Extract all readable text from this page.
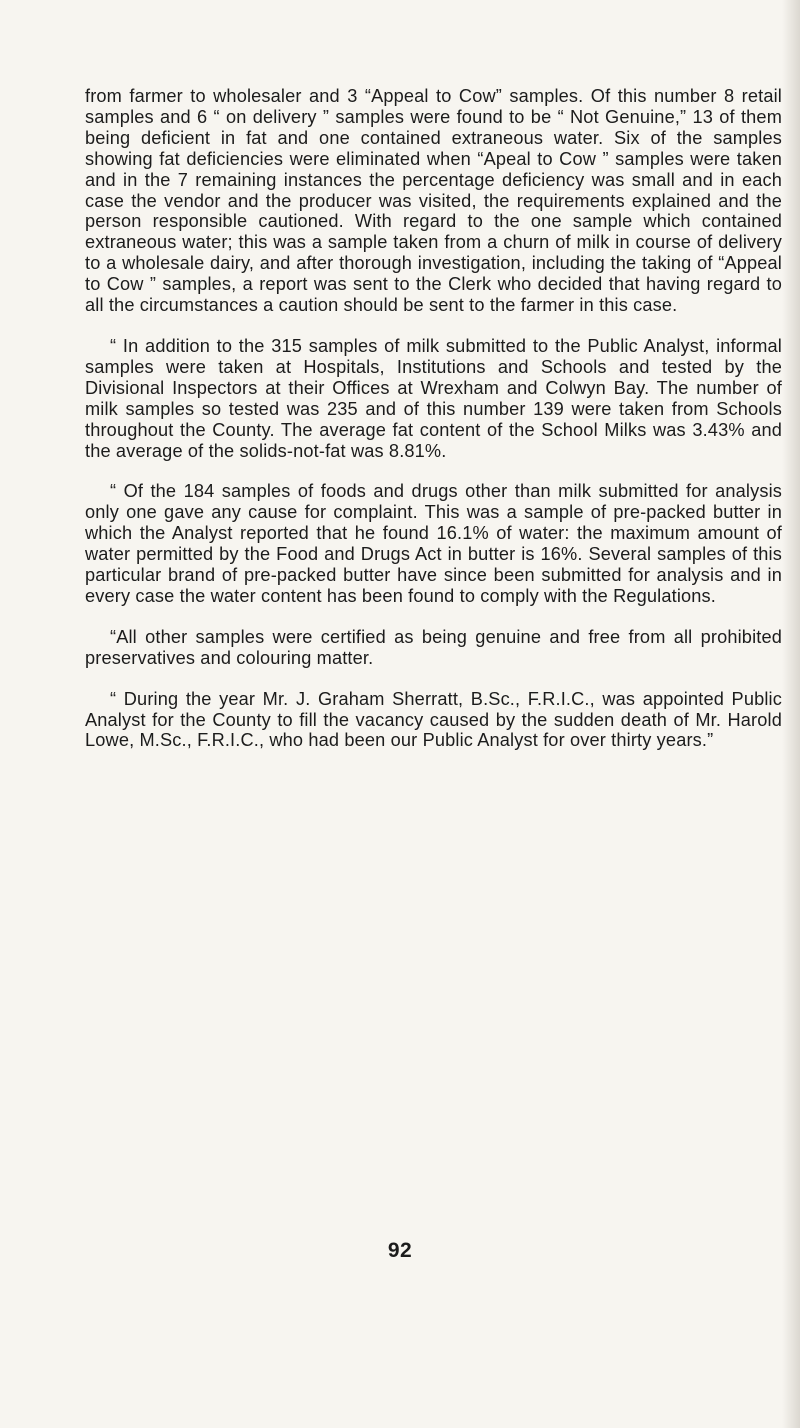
from farmer to wholesaler and 3 “Appeal to Cow” samples. Of this number 8 retail samples and 6 “ on delivery ” samples were found to be “ Not Genuine,” 13 of them being deficient in fat and one contained extraneous water. Six of the samples showing fat deficiencies were eliminated when “Apeal to Cow ” samples were taken and in the 7 remaining instances the percentage deficiency was small and in each case the vendor and the producer was visited, the requirements explained and the person responsible cautioned. With regard to the one sample which contained extraneous water; this was a sample taken from a churn of milk in course of delivery to a wholesale dairy, and after thorough investigation, including the taking of “Appeal to Cow ” samples, a report was sent to the Clerk who decided that having regard to all the circumstances a caution should be sent to the farmer in this case.

“ In addition to the 315 samples of milk submitted to the Public Analyst, informal samples were taken at Hospitals, Institutions and Schools and tested by the Divisional Inspectors at their Offices at Wrexham and Colwyn Bay. The number of milk samples so tested was 235 and of this number 139 were taken from Schools throughout the County. The average fat content of the School Milks was 3.43% and the average of the solids-not-fat was 8.81%.

“ Of the 184 samples of foods and drugs other than milk submitted for analysis only one gave any cause for complaint. This was a sample of pre-packed butter in which the Analyst reported that he found 16.1% of water: the maximum amount of water permitted by the Food and Drugs Act in butter is 16%. Several samples of this particular brand of pre-packed butter have since been submitted for analysis and in every case the water content has been found to comply with the Regulations.

“All other samples were certified as being genuine and free from all prohibited preservatives and colouring matter.

“ During the year Mr. J. Graham Sherratt, B.Sc., F.R.I.C., was appointed Public Analyst for the County to fill the vacancy caused by the sudden death of Mr. Harold Lowe, M.Sc., F.R.I.C., who had been our Public Analyst for over thirty years.”

92
